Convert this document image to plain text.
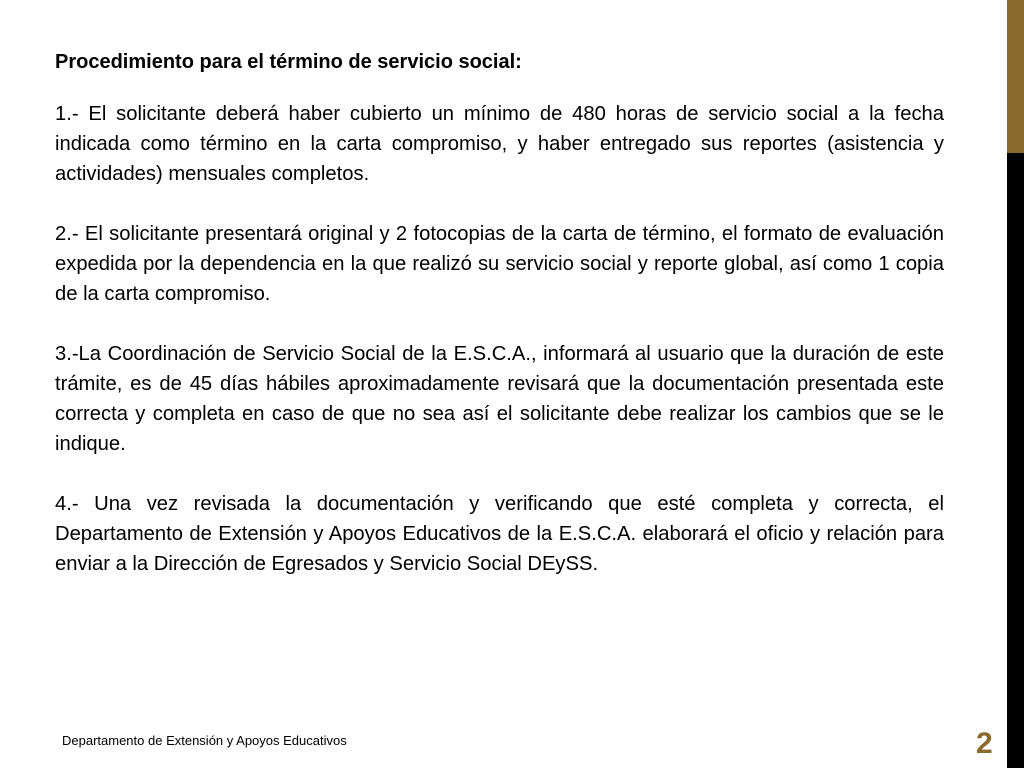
Procedimiento para el término de servicio social:

1.- El solicitante deberá haber cubierto un mínimo de 480 horas de servicio social a la fecha indicada como término en la carta compromiso, y haber entregado sus reportes (asistencia y actividades) mensuales completos.

2.- El solicitante presentará original y 2 fotocopias de la carta de término, el formato de evaluación expedida por la dependencia en la que realizó su servicio social y reporte global, así como 1 copia de la carta compromiso.

3.-La Coordinación de Servicio Social de la E.S.C.A., informará al usuario que la duración de este trámite, es de 45 días hábiles aproximadamente revisará que la documentación presentada este correcta y completa en caso de que no sea así el solicitante debe realizar los cambios que se le indique.

4.- Una vez revisada la documentación y verificando que esté completa y correcta, el Departamento de Extensión y Apoyos Educativos de la E.S.C.A. elaborará el oficio y relación para enviar a la Dirección de Egresados y Servicio Social DEySS.

Departamento de Extensión y Apoyos Educativos	2
